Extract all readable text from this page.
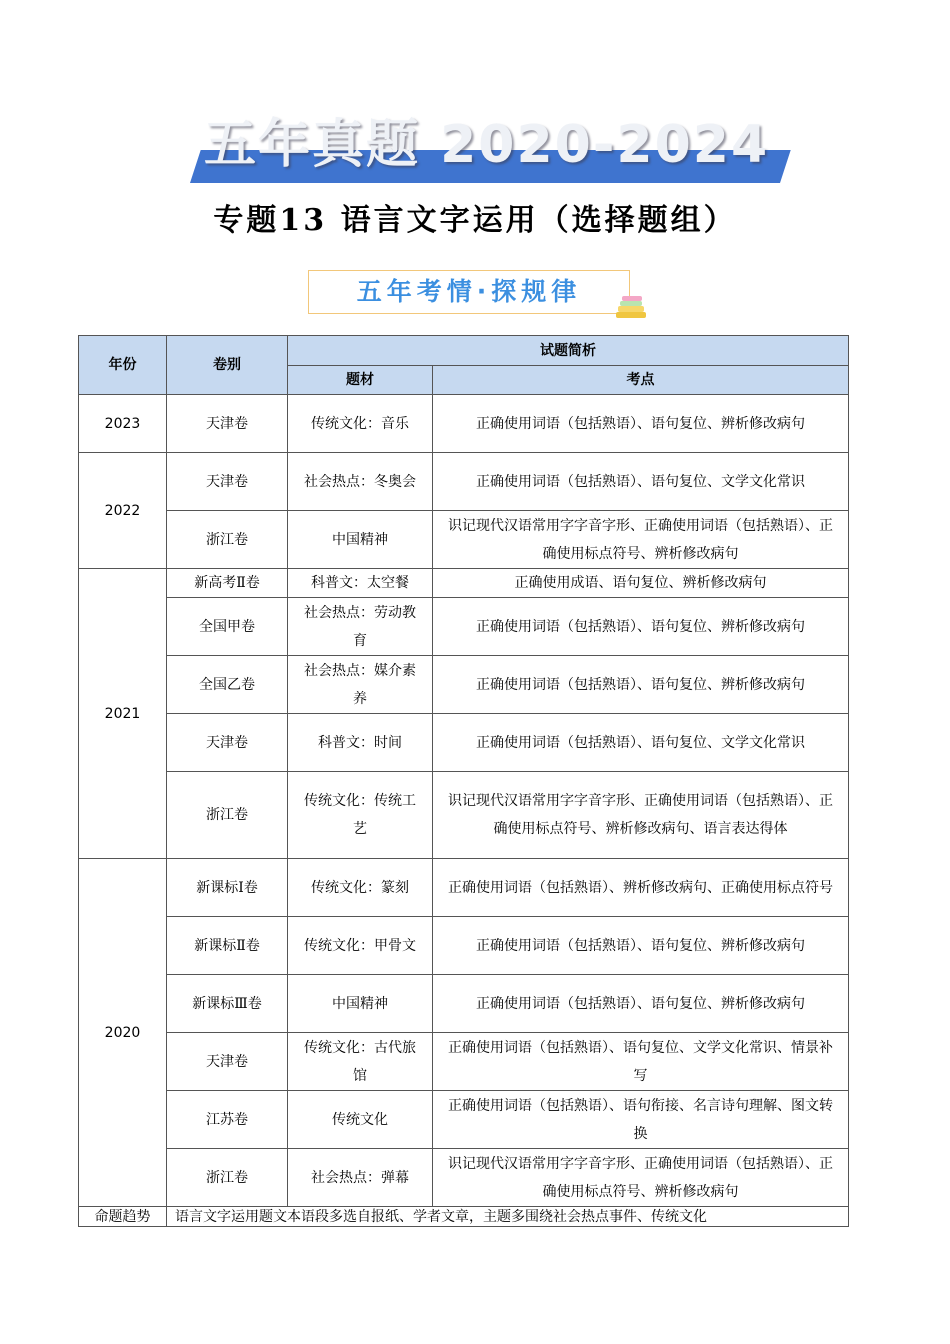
五年真题 2020-2024
专题13 语言文字运用（选择题组）
五年考情·探规律
年份	卷别	试题简析	
		题材	考点
2023	天津卷	传统文化：音乐	正确使用词语（包括熟语）、语句复位、辨析修改病句
2022	天津卷	社会热点：冬奥会	正确使用词语（包括熟语）、语句复位、文学文化常识
	浙江卷	中国精神	识记现代汉语常用字字音字形、正确使用词语（包括熟语）、正确使用标点符号、辨析修改病句
2021	新高考Ⅱ卷	科普文：太空餐	正确使用成语、语句复位、辨析修改病句
	全国甲卷	社会热点：劳动教育	正确使用词语（包括熟语）、语句复位、辨析修改病句
	全国乙卷	社会热点：媒介素养	正确使用词语（包括熟语）、语句复位、辨析修改病句
	天津卷	科普文：时间	正确使用词语（包括熟语）、语句复位、文学文化常识
	浙江卷	传统文化：传统工艺	识记现代汉语常用字字音字形、正确使用词语（包括熟语）、正确使用标点符号、辨析修改病句、语言表达得体
2020	新课标Ⅰ卷	传统文化：篆刻	正确使用词语（包括熟语）、辨析修改病句、正确使用标点符号
	新课标Ⅱ卷	传统文化：甲骨文	正确使用词语（包括熟语）、语句复位、辨析修改病句
	新课标Ⅲ卷	中国精神	正确使用词语（包括熟语）、语句复位、辨析修改病句
	天津卷	传统文化：古代旅馆	正确使用词语（包括熟语）、语句复位、文学文化常识、情景补写
	江苏卷	传统文化	正确使用词语（包括熟语）、语句衔接、名言诗句理解、图文转换
	浙江卷	社会热点：弹幕	识记现代汉语常用字字音字形、正确使用词语（包括熟语）、正确使用标点符号、辨析修改病句
命题趋势	语言文字运用题文本语段多选自报纸、学者文章，主题多围绕社会热点事件、传统文化		
